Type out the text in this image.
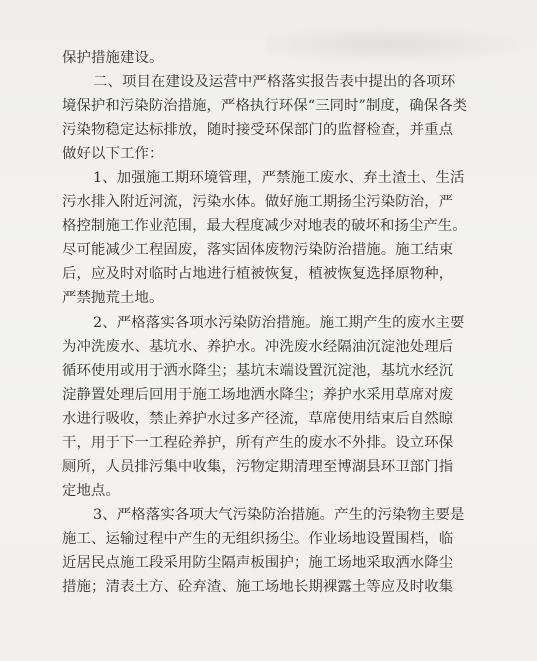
保护措施建设。
二、项目在建设及运营中严格落实报告表中提出的各项环
境保护和污染防治措施，严格执行环保“三同时”制度，确保各类
污染物稳定达标排放，随时接受环保部门的监督检查，并重点
做好以下工作：
1、加强施工期环境管理，严禁施工废水、弃土渣土、生活
污水排入附近河流，污染水体。做好施工期扬尘污染防治，严
格控制施工作业范围，最大程度减少对地表的破坏和扬尘产生。
尽可能减少工程固废，落实固体废物污染防治措施。施工结束
后，应及时对临时占地进行植被恢复，植被恢复选择原物种，
严禁抛荒土地。
2、严格落实各项水污染防治措施。施工期产生的废水主要
为冲洗废水、基坑水、养护水。冲洗废水经隔油沉淀池处理后
循环使用或用于洒水降尘；基坑末端设置沉淀池，基坑水经沉
淀静置处理后回用于施工场地洒水降尘；养护水采用草席对废
水进行吸收，禁止养护水过多产径流，草席使用结束后自然晾
干，用于下一工程砼养护，所有产生的废水不外排。设立环保
厕所，人员排污集中收集，污物定期清理至博湖县环卫部门指
定地点。
3、严格落实各项大气污染防治措施。产生的污染物主要是
施工、运输过程中产生的无组织扬尘。作业场地设置围档，临
近居民点施工段采用防尘隔声板围护；施工场地采取洒水降尘
措施；清表土方、砼弃渣、施工场地长期裸露土等应及时收集
